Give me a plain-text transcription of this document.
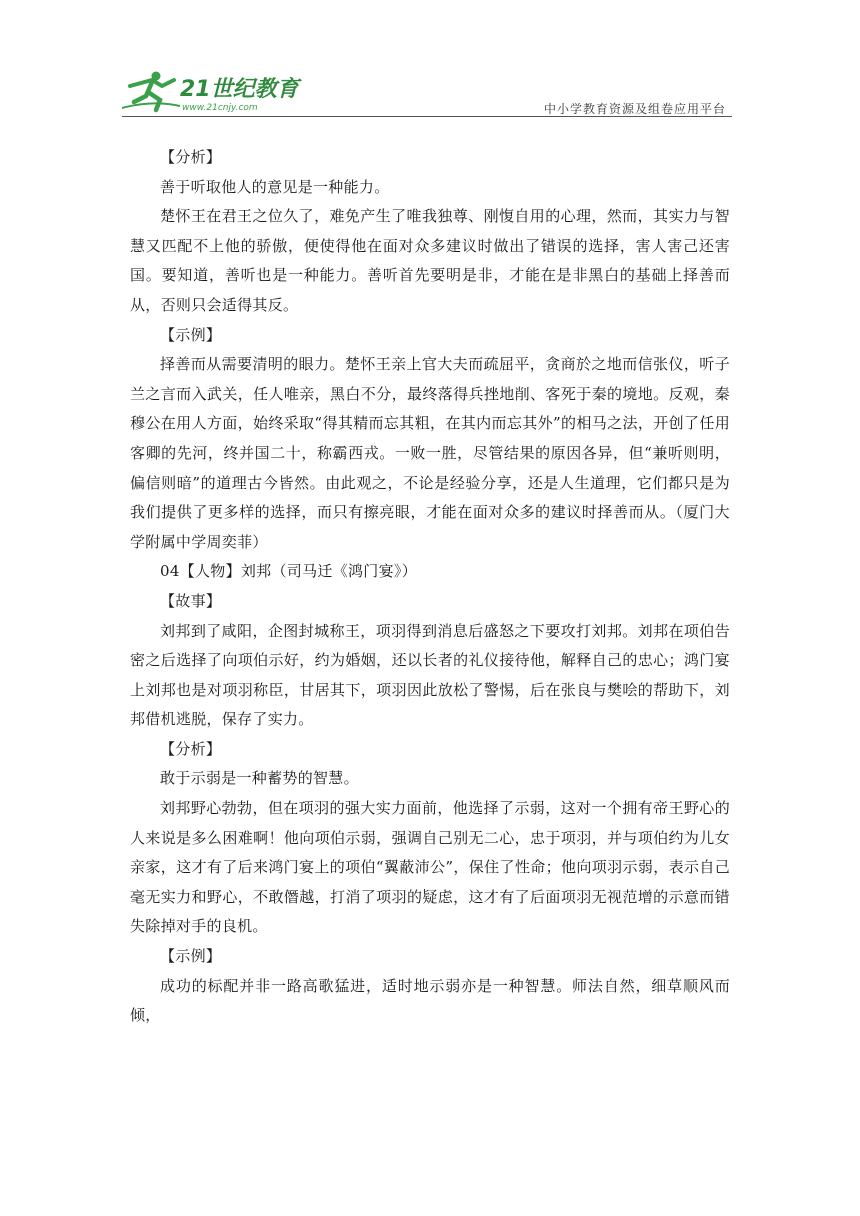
21世纪教育
www.21cnjy.com	中小学教育资源及组卷应用平台

【分析】

善于听取他人的意见是一种能力。

楚怀王在君王之位久了，难免产生了唯我独尊、刚愎自用的心理，然而，其实力与智慧又匹配不上他的骄傲，便使得他在面对众多建议时做出了错误的选择，害人害己还害国。要知道，善听也是一种能力。善听首先要明是非，才能在是非黑白的基础上择善而从，否则只会适得其反。

【示例】

择善而从需要清明的眼力。楚怀王亲上官大夫而疏屈平，贪商於之地而信张仪，听子兰之言而入武关，任人唯亲，黑白不分，最终落得兵挫地削、客死于秦的境地。反观，秦穆公在用人方面，始终采取“得其精而忘其粗，在其内而忘其外”的相马之法，开创了任用客卿的先河，终并国二十，称霸西戎。一败一胜，尽管结果的原因各异，但“兼听则明，偏信则暗”的道理古今皆然。由此观之，不论是经验分享，还是人生道理，它们都只是为我们提供了更多样的选择，而只有擦亮眼，才能在面对众多的建议时择善而从。（厦门大学附属中学周奕菲）

04【人物】刘邦（司马迁《鸿门宴》）

【故事】

刘邦到了咸阳，企图封城称王，项羽得到消息后盛怒之下要攻打刘邦。刘邦在项伯告密之后选择了向项伯示好，约为婚姻，还以长者的礼仪接待他，解释自己的忠心；鸿门宴上刘邦也是对项羽称臣，甘居其下，项羽因此放松了警惕，后在张良与樊哙的帮助下，刘邦借机逃脱，保存了实力。

【分析】

敢于示弱是一种蓄势的智慧。

刘邦野心勃勃，但在项羽的强大实力面前，他选择了示弱，这对一个拥有帝王野心的人来说是多么困难啊！他向项伯示弱，强调自己别无二心，忠于项羽，并与项伯约为儿女亲家，这才有了后来鸿门宴上的项伯“翼蔽沛公”，保住了性命；他向项羽示弱，表示自己毫无实力和野心，不敢僭越，打消了项羽的疑虑，这才有了后面项羽无视范增的示意而错失除掉对手的良机。

【示例】

成功的标配并非一路高歌猛进，适时地示弱亦是一种智慧。师法自然，细草顺风而倾，
